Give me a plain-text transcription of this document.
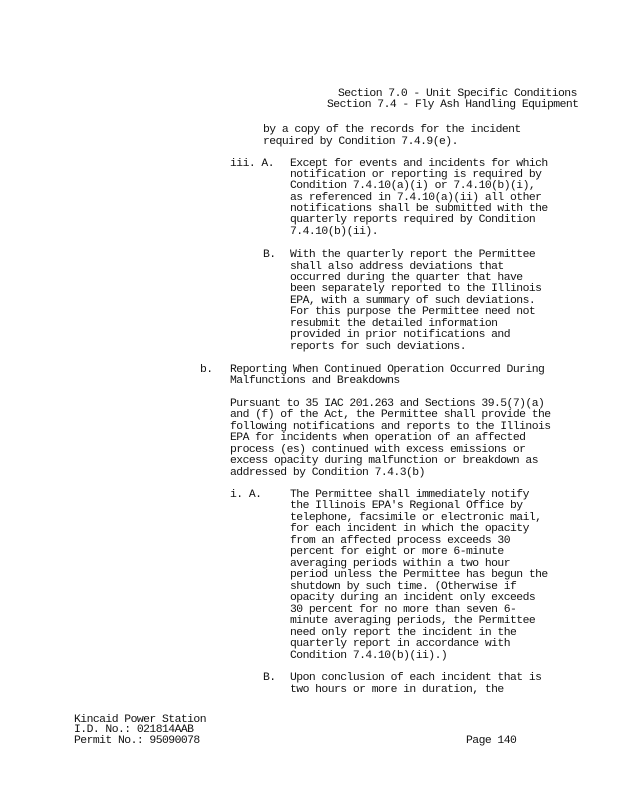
Section 7.0 - Unit Specific Conditions
Section 7.4 - Fly Ash Handling Equipment
by a copy of the records for the incident
required by Condition 7.4.9(e).
iii. A. Except for events and incidents for which
notification or reporting is required by
Condition 7.4.10(a)(i) or 7.4.10(b)(i),
as referenced in 7.4.10(a)(ii) all other
notifications shall be submitted with the
quarterly reports required by Condition
7.4.10(b)(ii).
B. With the quarterly report the Permittee
shall also address deviations that
occurred during the quarter that have
been separately reported to the Illinois
EPA, with a summary of such deviations.
For this purpose the Permittee need not
resubmit the detailed information
provided in prior notifications and
reports for such deviations.
b. Reporting When Continued Operation Occurred During
Malfunctions and Breakdowns
Pursuant to 35 IAC 201.263 and Sections 39.5(7)(a)
and (f) of the Act, the Permittee shall provide the
following notifications and reports to the Illinois
EPA for incidents when operation of an affected
process (es) continued with excess emissions or
excess opacity during malfunction or breakdown as
addressed by Condition 7.4.3(b)
i. A.	The Permittee shall immediately notify
the Illinois EPA's Regional Office by
telephone, facsimile or electronic mail,
for each incident in which the opacity
from an affected process exceeds 30
percent for eight or more 6-minute
averaging periods within a two hour
period unless the Permittee has begun the
shutdown by such time. (Otherwise if
opacity during an incident only exceeds
30 percent for no more than seven 6-
minute averaging periods, the Permittee
need only report the incident in the
quarterly report in accordance with
Condition 7.4.10(b)(ii).)
B. Upon conclusion of each incident that is
two hours or more in duration, the
Kincaid Power Station
I.D. No.: 021814AAB
Permit No.: 95090078	Page 140
